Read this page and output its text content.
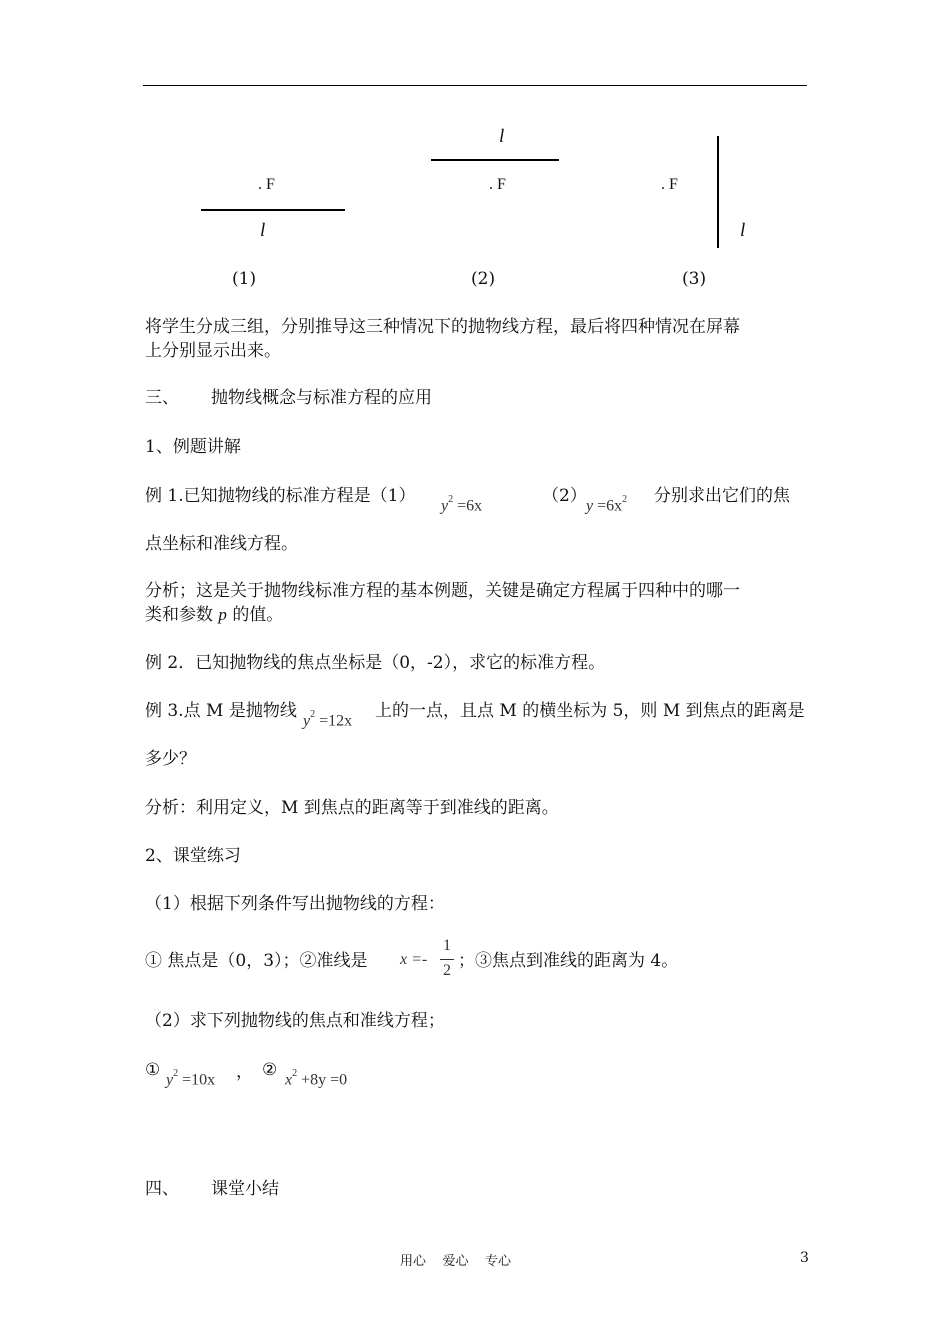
. F
l
(1)
l
. F
(2)
. F
l
(3)
将学生分成三组，分别推导这三种情况下的抛物线方程，最后将四种情况在屏幕
上分别显示出来。
三、 抛物线概念与标准方程的应用
1、例题讲解
例 1.已知抛物线的标准方程是（1） $y^2 =6x$	（2） $y =6x^2$ 分别求出它们的焦
点坐标和准线方程。
分析；这是关于抛物线标准方程的基本例题，关键是确定方程属于四种中的哪一
类和参数 p 的值。
例 2．已知抛物线的焦点坐标是（0，-2），求它的标准方程。
例 3.点 M 是抛物线 $y^2 =12x$ 上的一点，且点 M 的横坐标为 5，则 M 到焦点的距离是
多少？
分析：利用定义，M 到焦点的距离等于到准线的距离。
2、课堂练习
（1）根据下列条件写出抛物线的方程：
① 焦点是（0，3）；②准线是 x =-
1
2 ；③焦点到准线的距离为 4。
（2）求下列抛物线的焦点和准线方程；
① $y^2 =10x$ ， ② $x^2 +8y =0$
四、 课堂小结
用心    爱心    专心	3
